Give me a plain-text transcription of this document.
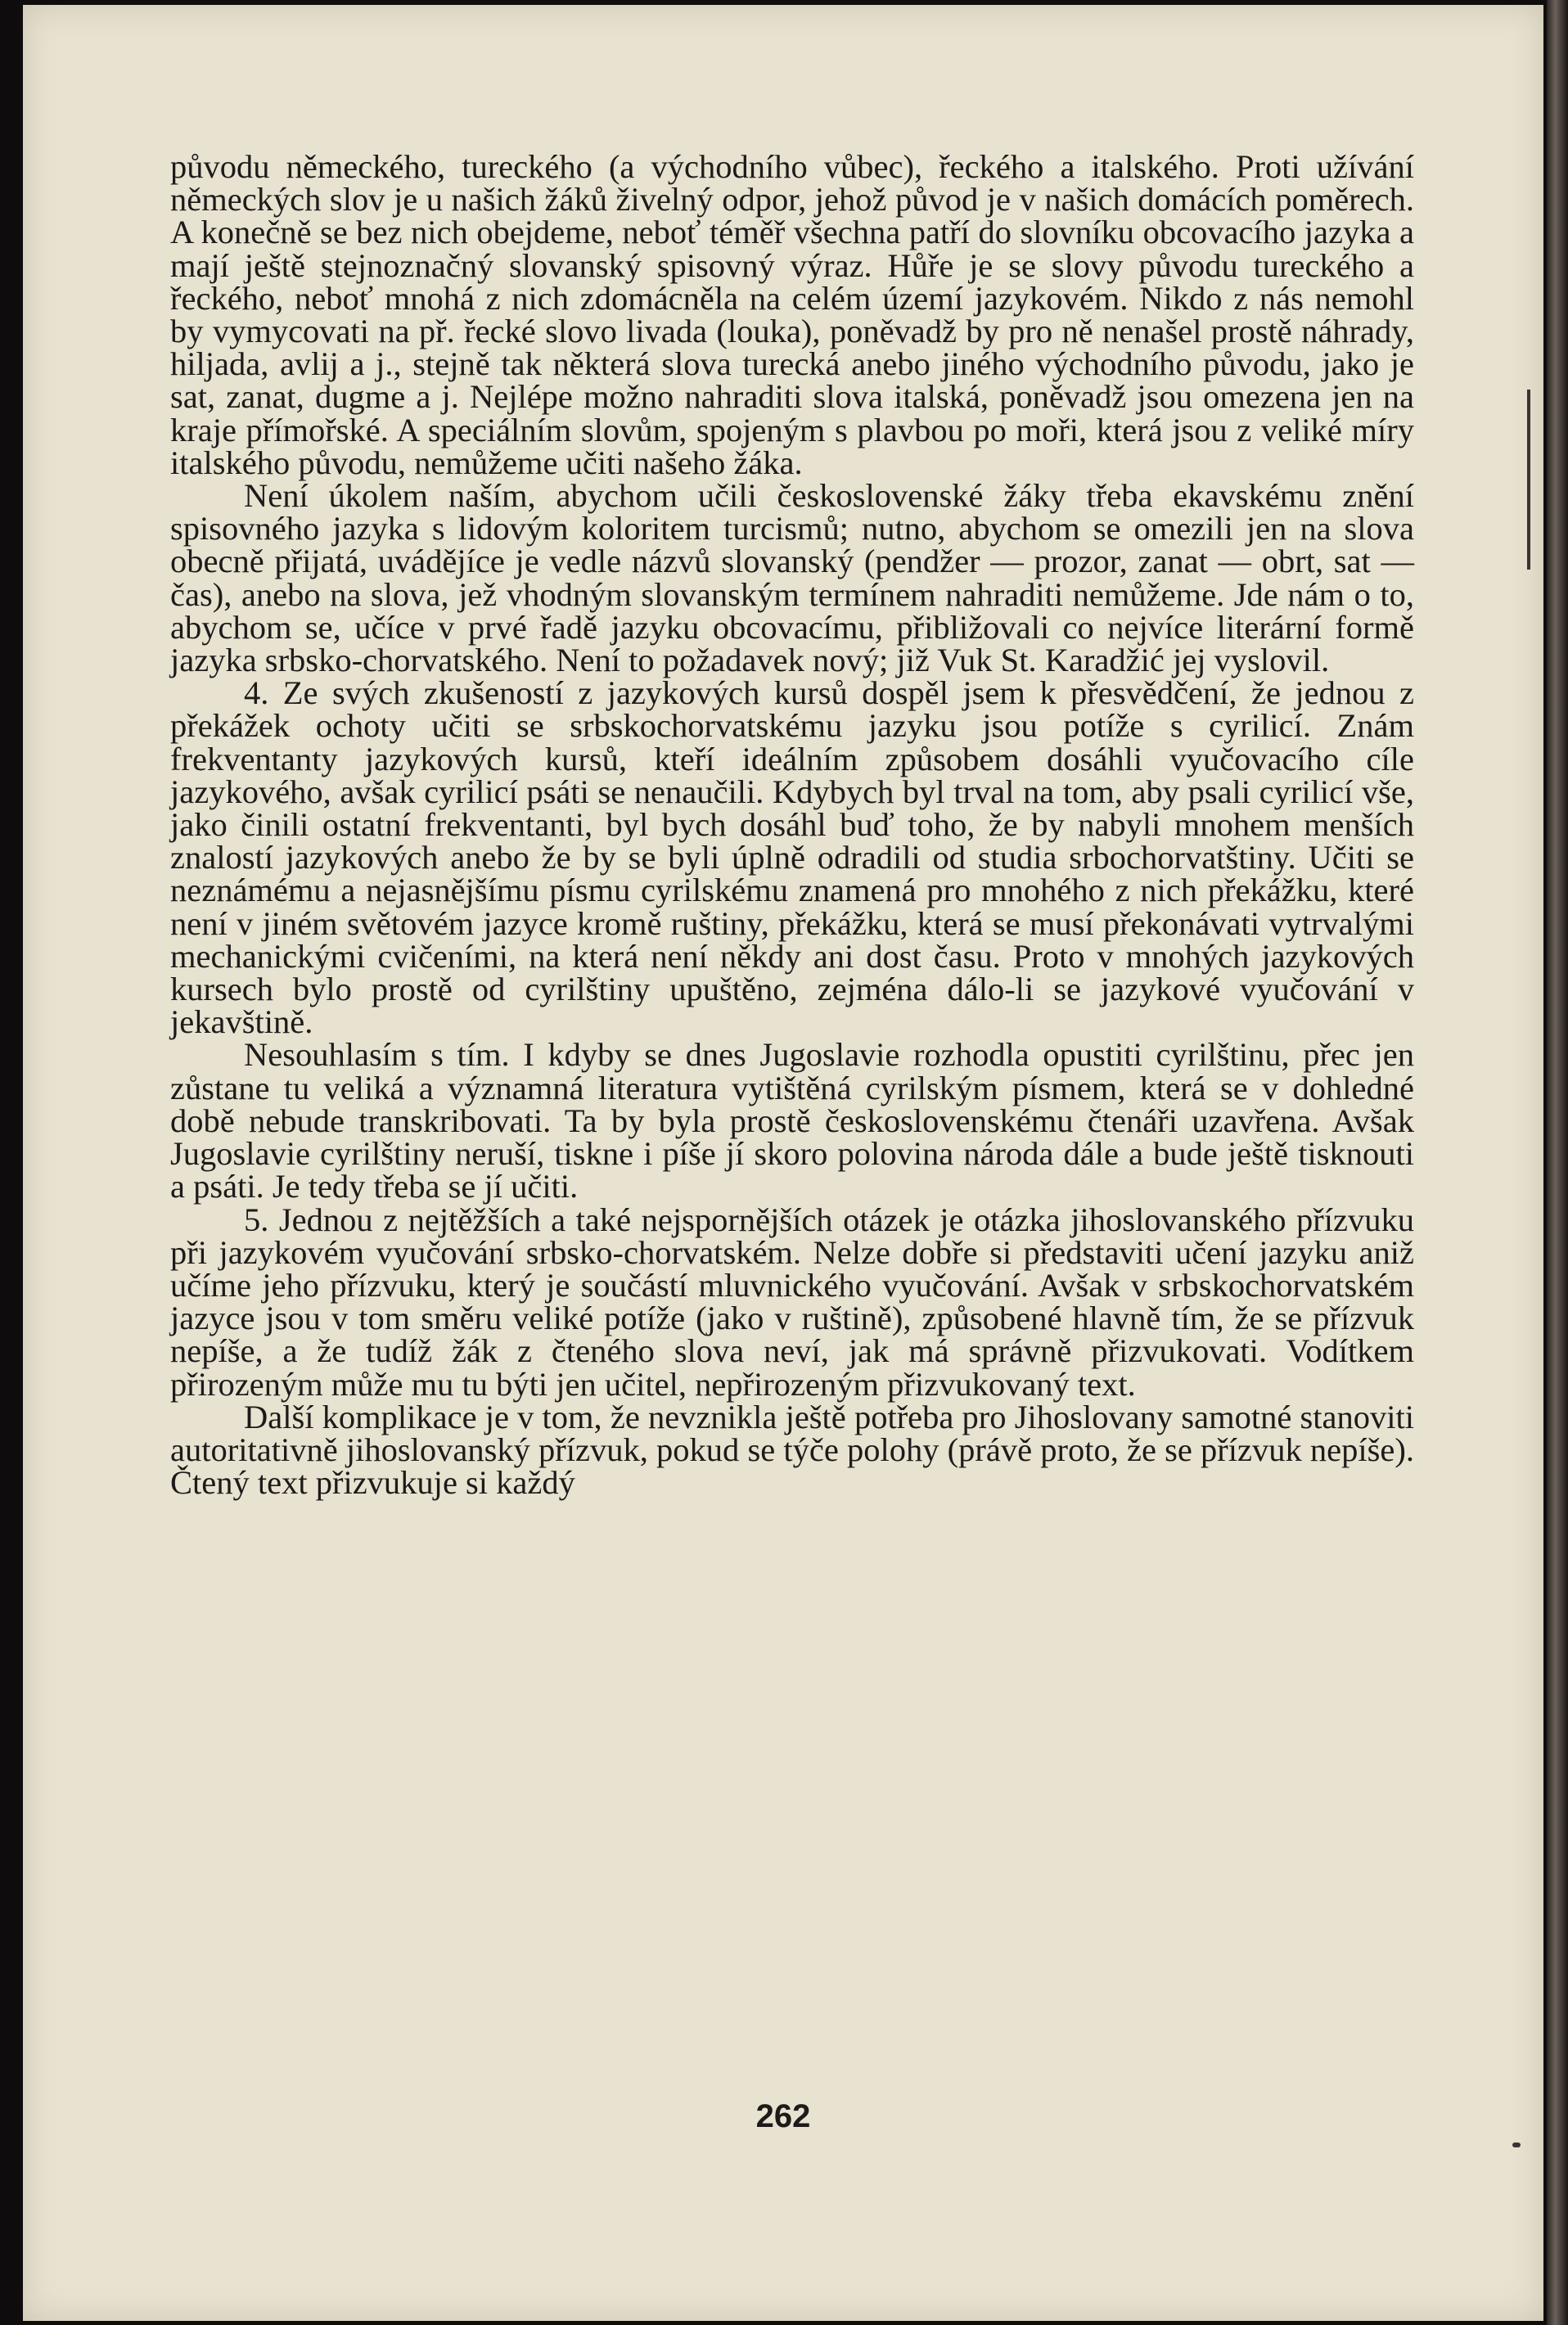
původu německého, tureckého (a východního vůbec), řeckého a italského. Proti užívání německých slov je u našich žáků živelný odpor, jehož původ je v našich domácích poměrech. A konečně se bez nich obejdeme, neboť téměř všechna patří do slovníku obcovacího jazyka a mají ještě stejnoznačný slovanský spisovný výraz. Hůře je se slovy původu tureckého a řeckého, neboť mnohá z nich zdomácněla na celém území jazykovém. Nikdo z nás nemohl by vymycovati na př. řecké slovo livada (louka), poněvadž by pro ně nenašel prostě náhrady, hiljada, avlij a j., stejně tak některá slova turecká anebo jiného východního původu, jako je sat, zanat, dugme a j. Nejlépe možno nahraditi slova italská, poněvadž jsou omezena jen na kraje přímořské. A speciálním slovům, spojeným s plavbou po moři, která jsou z veliké míry italského původu, nemůžeme učiti našeho žáka.

Není úkolem naším, abychom učili československé žáky třeba ekavskému znění spisovného jazyka s lidovým koloritem turcismů; nutno, abychom se omezili jen na slova obecně přijatá, uvádějíce je vedle názvů slovanský (pendžer — prozor, zanat — obrt, sat — čas), anebo na slova, jež vhodným slovanským termínem nahraditi nemůžeme. Jde nám o to, abychom se, učíce v prvé řadě jazyku obcovacímu, přibližovali co nejvíce literární formě jazyka srbsko-chorvatského. Není to požadavek nový; již Vuk St. Karadžić jej vyslovil.

4. Ze svých zkušeností z jazykových kursů dospěl jsem k přesvědčení, že jednou z překážek ochoty učiti se srbskochorvatskému jazyku jsou potíže s cyrilicí. Znám frekventanty jazykových kursů, kteří ideálním způsobem dosáhli vyučovacího cíle jazykového, avšak cyrilicí psáti se nenaučili. Kdybych byl trval na tom, aby psali cyrilicí vše, jako činili ostatní frekventanti, byl bych dosáhl buď toho, že by nabyli mnohem menších znalostí jazykových anebo že by se byli úplně odradili od studia srbochorvatštiny. Učiti se neznámému a nejasnějšímu písmu cyrilskému znamená pro mnohého z nich překážku, které není v jiném světovém jazyce kromě ruštiny, překážku, která se musí překonávati vytrvalými mechanickými cvičeními, na která není někdy ani dost času. Proto v mnohých jazykových kursech bylo prostě od cyrilštiny upuštěno, zejména dálo-li se jazykové vyučování v jekavštině.

Nesouhlasím s tím. I kdyby se dnes Jugoslavie rozhodla opustiti cyrilštinu, přec jen zůstane tu veliká a významná literatura vytištěná cyrilským písmem, která se v dohledné době nebude transkribovati. Ta by byla prostě československému čtenáři uzavřena. Avšak Jugoslavie cyrilštiny neruší, tiskne i píše jí skoro polovina národa dále a bude ještě tisknouti a psáti. Je tedy třeba se jí učiti.

5. Jednou z nejtěžších a také nejspornějších otázek je otázka jihoslovanského přízvuku při jazykovém vyučování srbsko-chorvatském. Nelze dobře si představiti učení jazyku aniž učíme jeho přízvuku, který je součástí mluvnického vyučování. Avšak v srbskochorvatském jazyce jsou v tom směru veliké potíže (jako v ruštině), způsobené hlavně tím, že se přízvuk nepíše, a že tudíž žák z čteného slova neví, jak má správně přizvukovati. Vodítkem přirozeným může mu tu býti jen učitel, nepřirozeným přizvukovaný text.

Další komplikace je v tom, že nevznikla ještě potřeba pro Jihoslovany samotné stanoviti autoritativně jihoslovanský přízvuk, pokud se týče polohy (právě proto, že se přízvuk nepíše). Čtený text přizvukuje si každý

262
